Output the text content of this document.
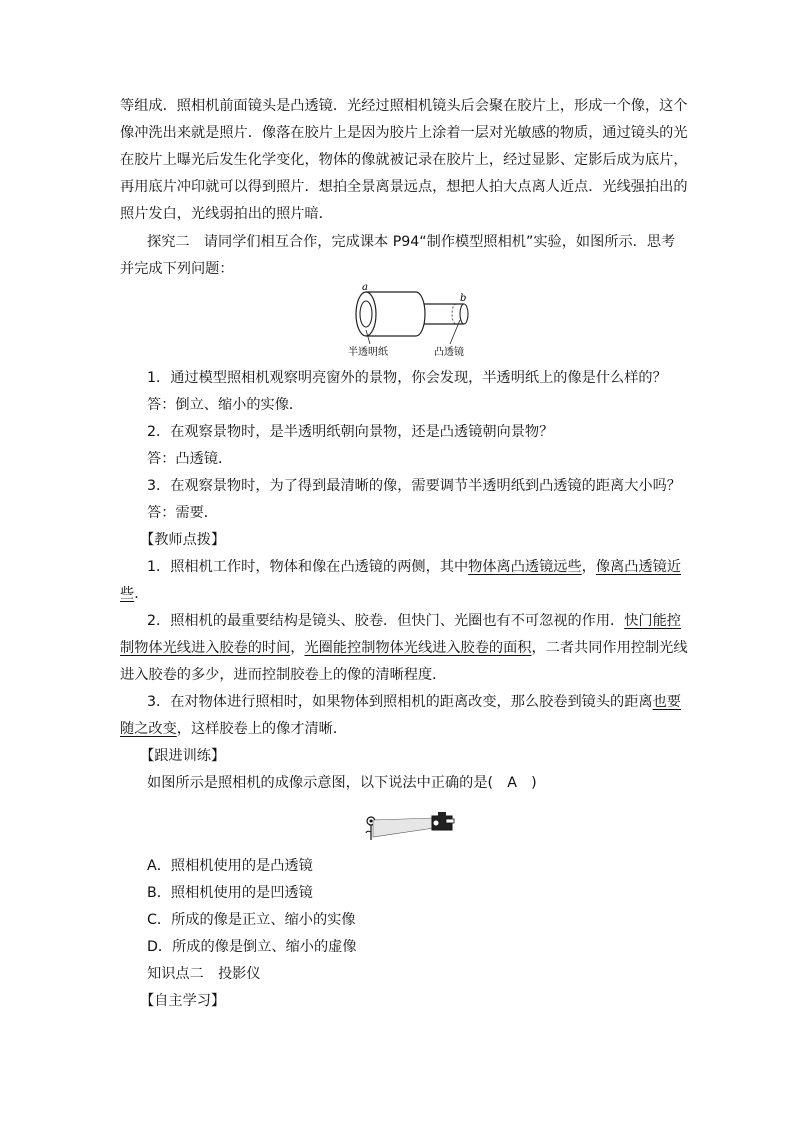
等组成．照相机前面镜头是凸透镜．光经过照相机镜头后会聚在胶片上，形成一个像，这个
像冲洗出来就是照片．像落在胶片上是因为胶片上涂着一层对光敏感的物质，通过镜头的光
在胶片上曝光后发生化学变化，物体的像就被记录在胶片上，经过显影、定影后成为底片，
再用底片冲印就可以得到照片．想拍全景离景远点，想把人拍大点离人近点．光线强拍出的
照片发白，光线弱拍出的照片暗．
探究二　请同学们相互合作，完成课本 P94“制作模型照相机”实验，如图所示．思考
并完成下列问题：
a
b
半透明纸	凸透镜
1．通过模型照相机观察明亮窗外的景物，你会发现，半透明纸上的像是什么样的？
答：倒立、缩小的实像．
2．在观察景物时，是半透明纸朝向景物，还是凸透镜朝向景物？
答：凸透镜．
3．在观察景物时，为了得到最清晰的像，需要调节半透明纸到凸透镜的距离大小吗？
答：需要．
【教师点拨】
1．照相机工作时，物体和像在凸透镜的两侧，其中物体离凸透镜远些，像离凸透镜近
些．
2．照相机的最重要结构是镜头、胶卷．但快门、光圈也有不可忽视的作用．快门能控
制物体光线进入胶卷的时间，光圈能控制物体光线进入胶卷的面积，二者共同作用控制光线
进入胶卷的多少，进而控制胶卷上的像的清晰程度．
3．在对物体进行照相时，如果物体到照相机的距离改变，那么胶卷到镜头的距离也要
随之改变，这样胶卷上的像才清晰．
【跟进训练】
如图所示是照相机的成像示意图，以下说法中正确的是(　A　)
A．照相机使用的是凸透镜
B．照相机使用的是凹透镜
C．所成的像是正立、缩小的实像
D．所成的像是倒立、缩小的虚像
知识点二　投影仪
【自主学习】
